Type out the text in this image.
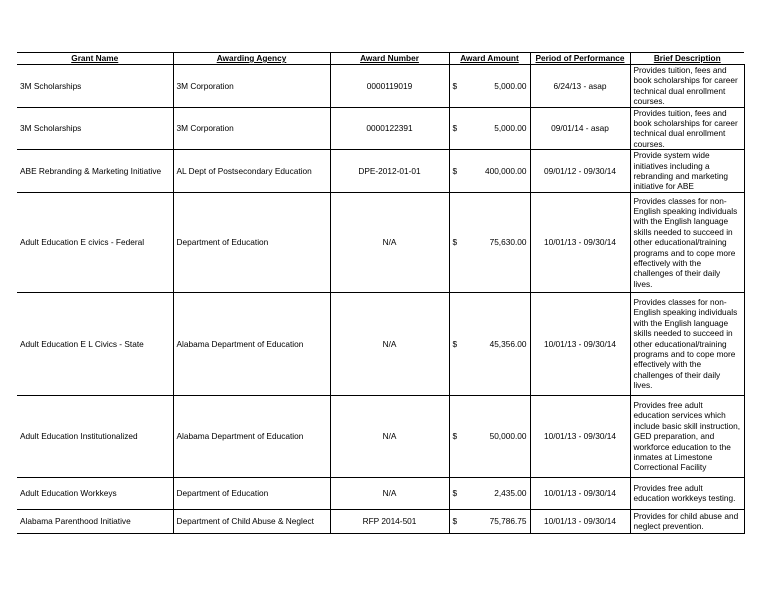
Grant Name	Awarding Agency	Award Number	Award Amount	Period of Performance	Brief Description
3M Scholarships	3M Corporation	0000119019	$ 5,000.00	6/24/13 - asap	Provides tuition, fees and book scholarships for career technical dual enrollment courses.
3M Scholarships	3M Corporation	0000122391	$ 5,000.00	09/01/14 - asap	Provides tuition, fees and book scholarships for career technical dual enrollment courses.
ABE Rebranding & Marketing Initiative	AL Dept of Postsecondary Education	DPE-2012-01-01	$ 400,000.00	09/01/12 - 09/30/14	Provide system wide initiatives including a rebranding and marketing initiative for ABE
Adult Education E civics - Federal	Department of Education	N/A	$ 75,630.00	10/01/13 - 09/30/14	Provides classes for non-English speaking individuals with the English language skills needed to succeed in other educational/training programs and to cope more effectively with the challenges of their daily lives.
Adult Education E L Civics - State	Alabama Department of Education	N/A	$ 45,356.00	10/01/13 - 09/30/14	Provides classes for non-English speaking individuals with the English language skills needed to succeed in other educational/training programs and to cope more effectively with the challenges of their daily lives.
Adult Education Institutionalized	Alabama Department of Education	N/A	$ 50,000.00	10/01/13 - 09/30/14	Provides free adult education services which include basic skill instruction, GED preparation, and workforce education to the inmates at Limestone Correctional Facility
Adult Education Workkeys	Department of Education	N/A	$ 2,435.00	10/01/13 - 09/30/14	Provides free adult education workkeys testing.
Alabama Parenthood Initiative	Department of Child Abuse & Neglect	RFP 2014-501	$ 75,786.75	10/01/13 - 09/30/14	Provides for child abuse and neglect prevention.
